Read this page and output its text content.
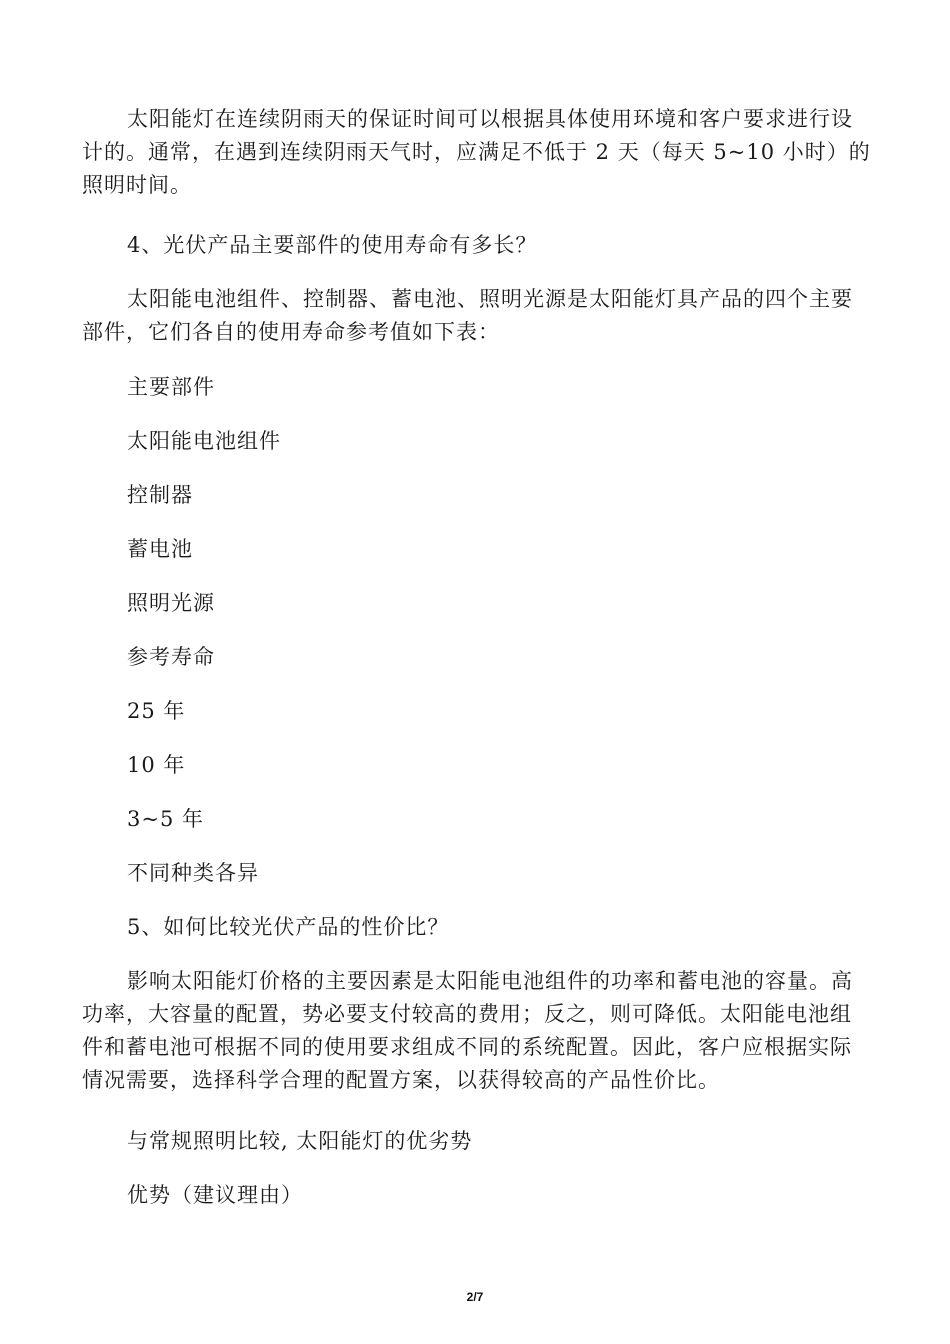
太阳能灯在连续阴雨天的保证时间可以根据具体使用环境和客户要求进行设计的。通常，在遇到连续阴雨天气时，应满足不低于 2 天（每天 5~10 小时）的照明时间。

4、光伏产品主要部件的使用寿命有多长？

太阳能电池组件、控制器、蓄电池、照明光源是太阳能灯具产品的四个主要部件，它们各自的使用寿命参考值如下表：

主要部件

太阳能电池组件

控制器

蓄电池

照明光源

参考寿命

25 年

10 年

3~5 年

不同种类各异

5、如何比较光伏产品的性价比？

影响太阳能灯价格的主要因素是太阳能电池组件的功率和蓄电池的容量。高功率，大容量的配置，势必要支付较高的费用；反之，则可降低。太阳能电池组件和蓄电池可根据不同的使用要求组成不同的系统配置。因此，客户应根据实际情况需要，选择科学合理的配置方案，以获得较高的产品性价比。

与常规照明比较, 太阳能灯的优劣势

优势（建议理由）

2/7
